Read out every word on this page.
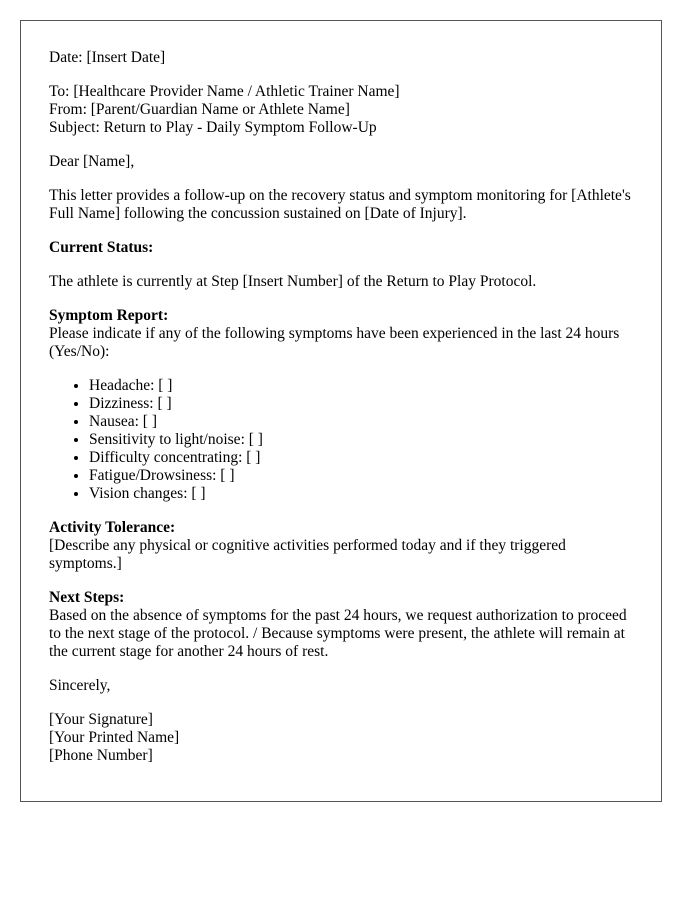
Date: [Insert Date]
To: [Healthcare Provider Name / Athletic Trainer Name]
From: [Parent/Guardian Name or Athlete Name]
Subject: Return to Play - Daily Symptom Follow-Up
Dear [Name],
This letter provides a follow-up on the recovery status and symptom monitoring for [Athlete's Full Name] following the concussion sustained on [Date of Injury].
Current Status:
The athlete is currently at Step [Insert Number] of the Return to Play Protocol.
Symptom Report:
Please indicate if any of the following symptoms have been experienced in the last 24 hours (Yes/No):
• Headache: [ ]
• Dizziness: [ ]
• Nausea: [ ]
• Sensitivity to light/noise: [ ]
• Difficulty concentrating: [ ]
• Fatigue/Drowsiness: [ ]
• Vision changes: [ ]
Activity Tolerance:
[Describe any physical or cognitive activities performed today and if they triggered symptoms.]
Next Steps:
Based on the absence of symptoms for the past 24 hours, we request authorization to proceed to the next stage of the protocol. / Because symptoms were present, the athlete will remain at the current stage for another 24 hours of rest.
Sincerely,
[Your Signature]
[Your Printed Name]
[Phone Number]
